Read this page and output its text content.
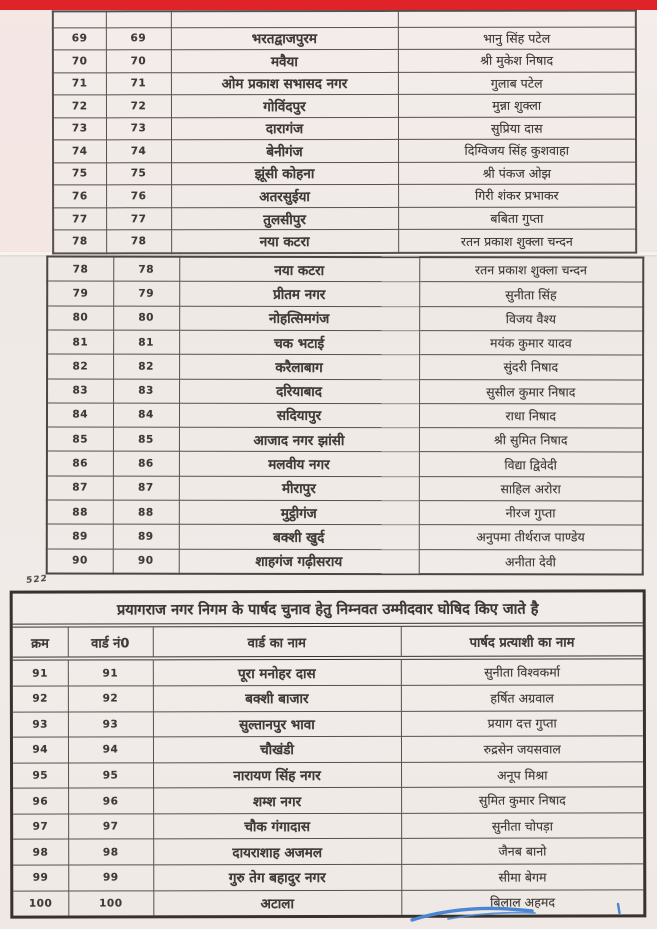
69	69	भरतद्वाजपुरम	भानु सिंह पटेल
70	70	मवैया	श्री मुकेश निषाद
71	71	ओम प्रकाश सभासद नगर	गुलाब पटेल
72	72	गोविंदपुर	मुन्ना शुक्ला
73	73	दारागंज	सुप्रिया दास
74	74	बेनीगंज	दिग्विजय सिंह कुशवाहा
75	75	झूंसी कोहना	श्री पंकज ओझ
76	76	अतरसुईया	गिरी शंकर प्रभाकर
77	77	तुलसीपुर	बबिता गुप्ता
78	78	नया कटरा	रतन प्रकाश शुक्ला चन्दन
78	78	नया कटरा	रतन प्रकाश शुक्ला चन्दन
79	79	प्रीतम नगर	सुनीता सिंह
80	80	नोहत्सिमगंज	विजय वैश्य
81	81	चक भटाई	मयंक कुमार यादव
82	82	करैलाबाग	सुंदरी निषाद
83	83	दरियाबाद	सुसील कुमार निषाद
84	84	सदियापुर	राधा निषाद
85	85	आजाद नगर झांसी	श्री सुमित निषाद
86	86	मलवीय नगर	विद्या द्विवेदी
87	87	मीरापुर	साहिल अरोरा
88	88	मुट्ठीगंज	नीरज गुप्ता
89	89	बक्शी खुर्द	अनुपमा तीर्थराज पाण्डेय
90	90	शाहगंज गढ़ीसराय	अनीता देवी
522
प्रयागराज नगर निगम के पार्षद चुनाव हेतु निम्नवत उम्मीदवार घोषिद किए जाते है
क्रम	वार्ड नं0	वार्ड का नाम	पार्षद प्रत्याशी का नाम
91	91	पूरा मनोहर दास	सुनीता विश्वकर्मा
92	92	बक्शी बाजार	हर्षित अग्रवाल
93	93	सुल्तानपुर भावा	प्रयाग दत्त गुप्ता
94	94	चौखंडी	रुद्रसेन जयसवाल
95	95	नारायण सिंह नगर	अनूप मिश्रा
96	96	शम्श नगर	सुमित कुमार निषाद
97	97	चौक गंगादास	सुनीता चोपड़ा
98	98	दायराशाह अजमल	जैनब बानो
99	99	गुरु तेग बहादुर नगर	सीमा बेगम
100	100	अटाला	बिलाल अहमद
